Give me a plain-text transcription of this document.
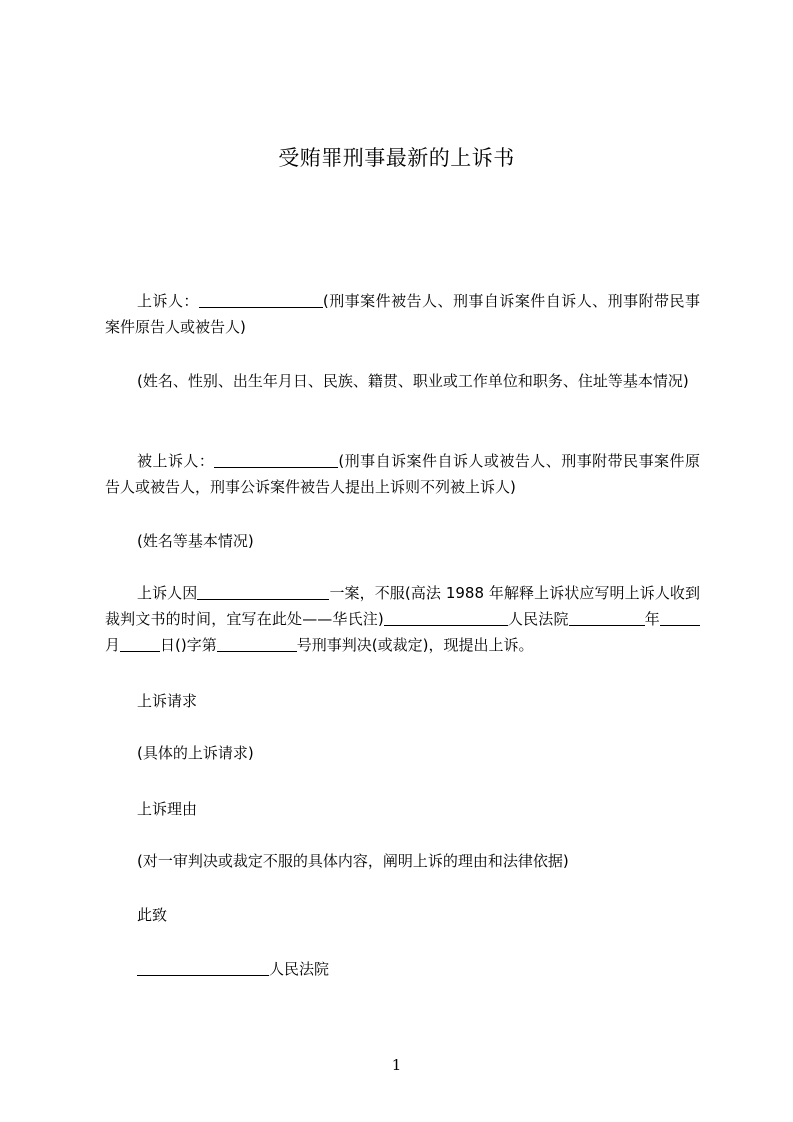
受贿罪刑事最新的上诉书
上诉人：	(刑事案件被告人、刑事自诉案件自诉人、刑事附带民事案件原告人或被告人)
(姓名、性别、出生年月日、民族、籍贯、职业或工作单位和职务、住址等基本情况)
被上诉人：	(刑事自诉案件自诉人或被告人、刑事附带民事案件原告人或被告人，刑事公诉案件被告人提出上诉则不列被上诉人)
(姓名等基本情况)
上诉人因	一案，不服(高法 1988 年解释上诉状应写明上诉人收到裁判文书的时间，宜写在此处——华氏注)	人民法院	年月	日()字第	号刑事判决(或裁定)，现提出上诉。
上诉请求
(具体的上诉请求)
上诉理由
(对一审判决或裁定不服的具体内容，阐明上诉的理由和法律依据)
此致
人民法院
1
